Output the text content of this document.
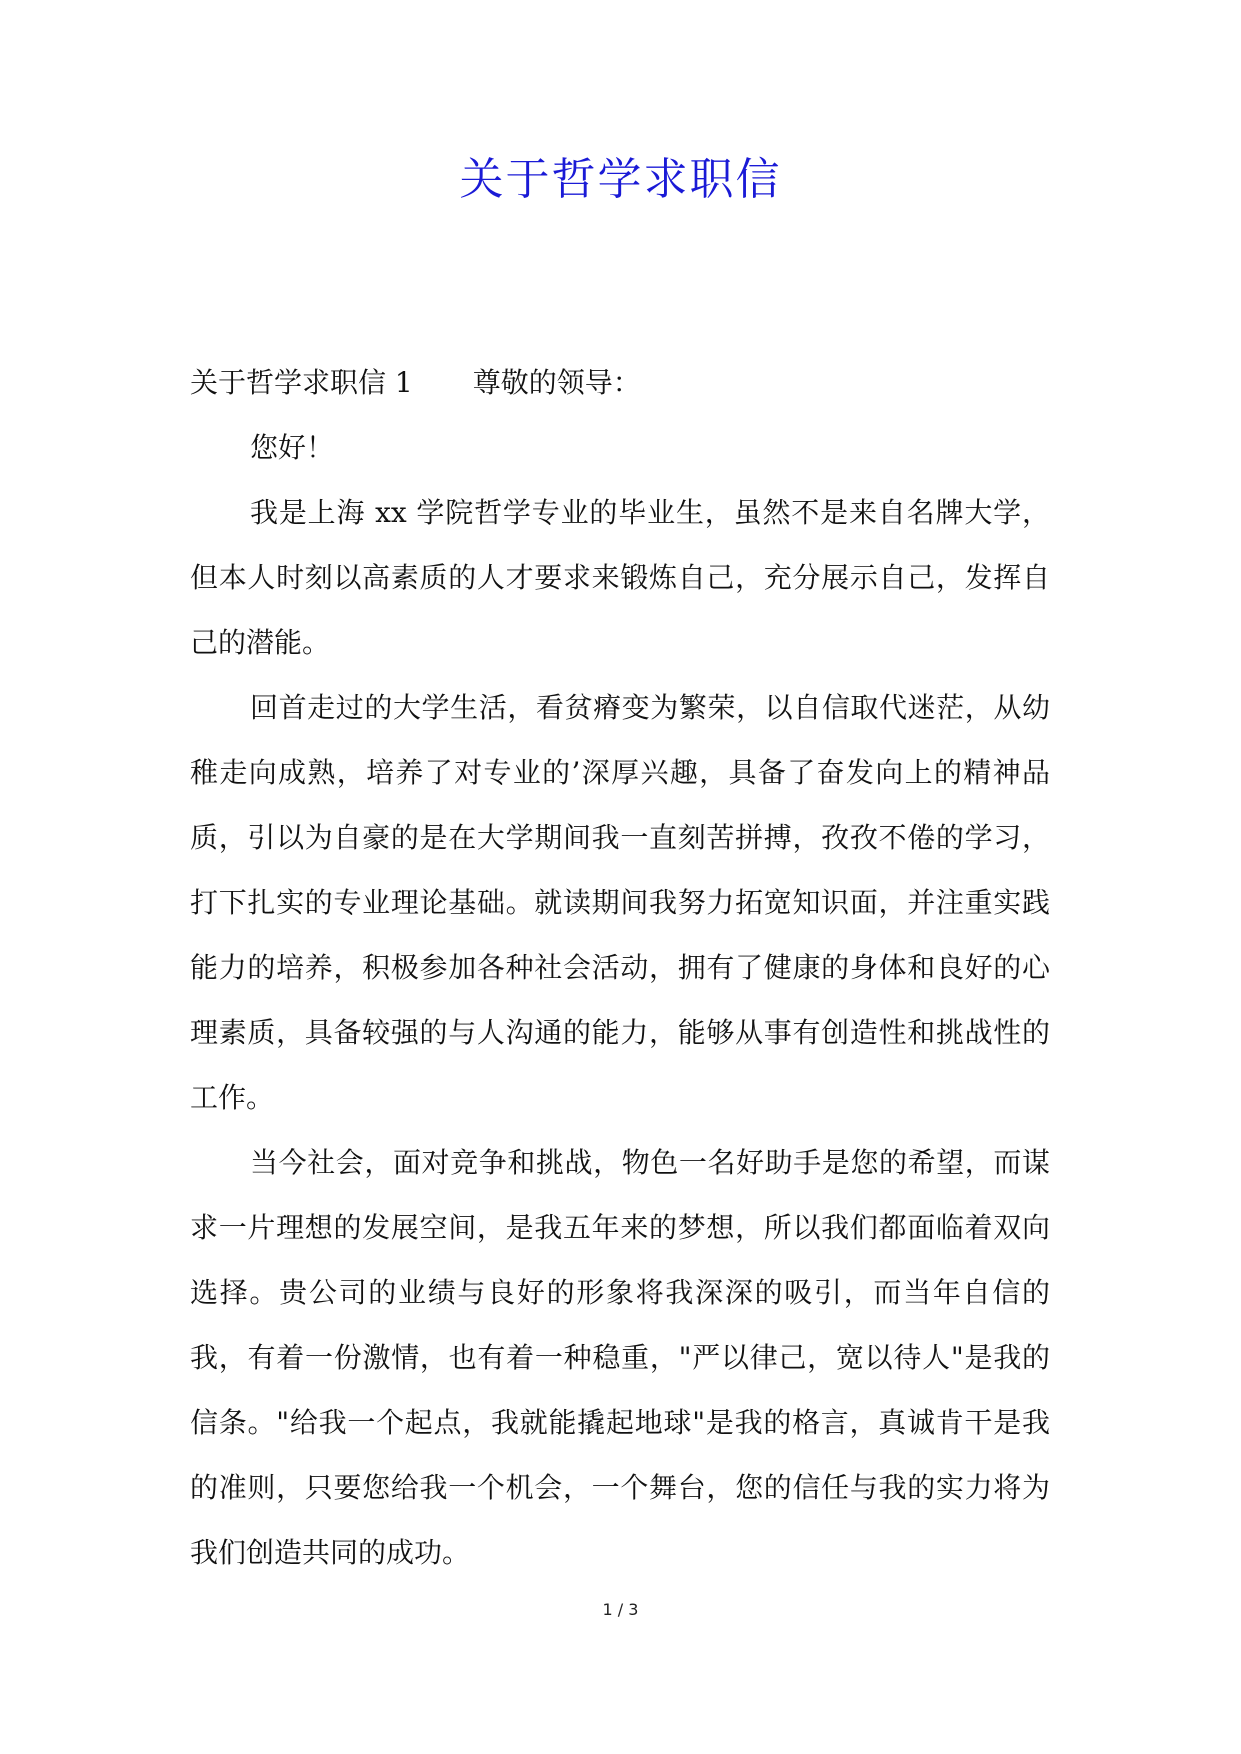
关于哲学求职信

关于哲学求职信 1 尊敬的领导：

您好！

我是上海 xx 学院哲学专业的毕业生，虽然不是来自名牌大学，但本人时刻以高素质的人才要求来锻炼自己，充分展示自己，发挥自己的潜能。

回首走过的大学生活，看贫瘠变为繁荣，以自信取代迷茫，从幼稚走向成熟，培养了对专业的’深厚兴趣，具备了奋发向上的精神品质，引以为自豪的是在大学期间我一直刻苦拼搏，孜孜不倦的学习，打下扎实的专业理论基础。就读期间我努力拓宽知识面，并注重实践能力的培养，积极参加各种社会活动，拥有了健康的身体和良好的心理素质，具备较强的与人沟通的能力，能够从事有创造性和挑战性的工作。

当今社会，面对竞争和挑战，物色一名好助手是您的希望，而谋求一片理想的发展空间，是我五年来的梦想，所以我们都面临着双向选择。贵公司的业绩与良好的形象将我深深的吸引，而当年自信的我，有着一份激情，也有着一种稳重，"严以律己，宽以待人"是我的信条。"给我一个起点，我就能撬起地球"是我的格言，真诚肯干是我的准则，只要您给我一个机会，一个舞台，您的信任与我的实力将为我们创造共同的成功。

1 / 3
